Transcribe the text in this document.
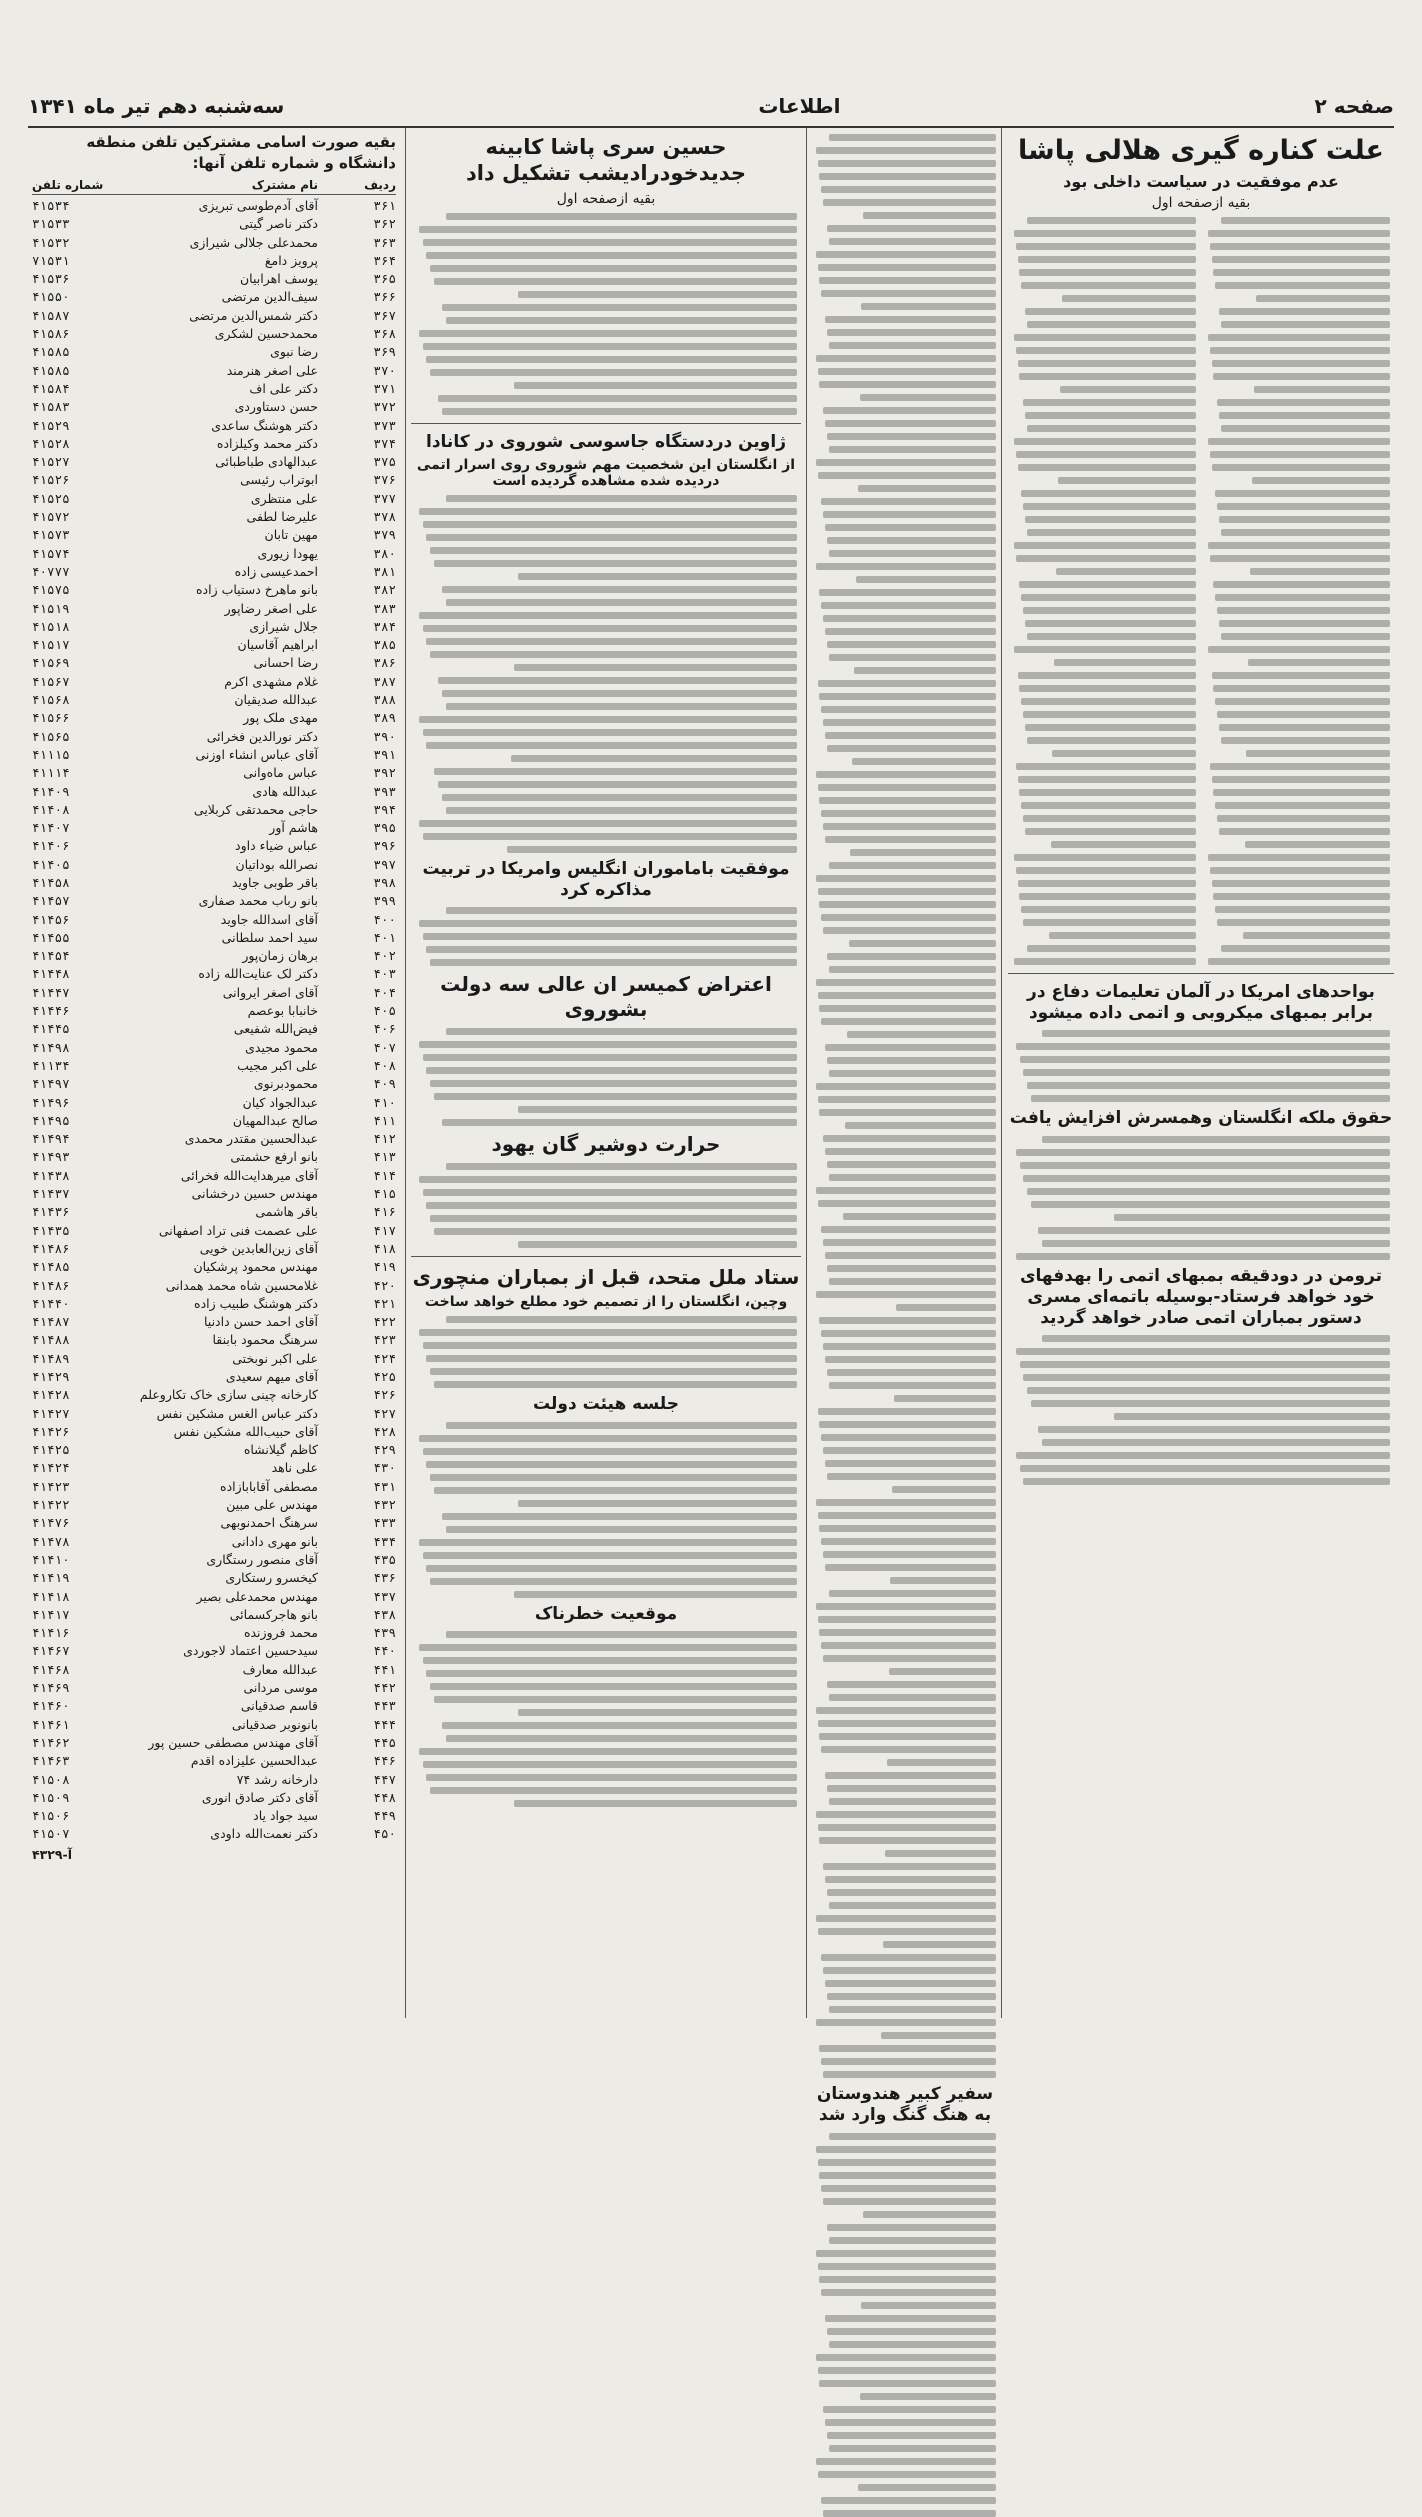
صفحه ۲
اطلاعات
سه‌شنبه دهم تیر ماه ۱۳۴۱
علت کناره گیری هلالی پاشا
عدم موفقیت در سیاست داخلی بود
بقیه ازصفحه اول
بواحدهای امریکا در آلمان تعلیمات دفاع در برابر بمبهای میکروبی و اتمی داده میشود
حقوق ملکه انگلستان وهمسرش افزایش یافت
ترومن در دودقیقه بمبهای اتمی را بهدفهای خود خواهد فرستاد-بوسیله باتمه‌ای مسری دستور بمباران اتمی صادر خواهد گردید
حسین سری پاشا کابینه جدیدخودرادیشب تشکیل داد
بقیه ازصفحه اول
ژاوین دردستگاه جاسوسی شوروی در کانادا
از انگلستان این شخصیت مهم شوروی روی اسرار اتمی دردیده شده مشاهده گردیده است
موفقیت باماموران انگلیس وامریکا در تربیت مذاکره کرد
اعتراض کمیسر ان عالی سه دولت بشوروی
حرارت دوشیر گان یهود
ستاد ملل متحد، قبل از بمباران منچوری
وچین، انگلستان را از تصمیم خود مطلع خواهد ساخت
جلسه هیئت دولت
موقعیت خطرناک
سفیر کبیر هندوستان به هنگ گنگ وارد شد
بقیه صورت اسامی مشترکین تلفن منطقه دانشگاه و شماره تلفن آنها:
ردیف
نام مشترک
شماره تلفن
۳۶۱
آقای آدم‌طوسی تبریزی
۴۱۵۳۴
۳۶۲
دکتر ناصر گیتی
۳۱۵۳۳
۳۶۳
محمدعلی جلالی شیرازی
۴۱۵۳۲
۳۶۴
پرویز دامغ
۷۱۵۳۱
۳۶۵
یوسف اهرابیان
۴۱۵۳۶
۳۶۶
سیف‌الدین مرتضی
۴۱۵۵۰
۳۶۷
دکتر شمس‌الدین مرتضی
۴۱۵۸۷
۳۶۸
محمدحسین لشکری
۴۱۵۸۶
۳۶۹
رضا نبوی
۴۱۵۸۵
۳۷۰
علی اصغر هنرمند
۴۱۵۸۵
۳۷۱
دکتر علی اف
۴۱۵۸۴
۳۷۲
حسن دستاوردی
۴۱۵۸۳
۳۷۳
دکتر هوشنگ ساعدی
۴۱۵۲۹
۳۷۴
دکتر محمد وکیلزاده
۴۱۵۲۸
۳۷۵
عبدالهادی طباطبائی
۴۱۵۲۷
۳۷۶
ابوتراب رئیسی
۴۱۵۲۶
۳۷۷
علی منتظری
۴۱۵۲۵
۳۷۸
علیرضا لطفی
۴۱۵۷۲
۳۷۹
مهین تابان
۴۱۵۷۳
۳۸۰
یهودا زیوری
۴۱۵۷۴
۳۸۱
احمدعیسی زاده
۴۰۷۷۷
۳۸۲
بانو ماهرخ دستیاب زاده
۴۱۵۷۵
۳۸۳
علی اصغر رضاپور
۴۱۵۱۹
۳۸۴
جلال شیرازی
۴۱۵۱۸
۳۸۵
ابراهیم آقاسیان
۴۱۵۱۷
۳۸۶
رضا احسانی
۴۱۵۶۹
۳۸۷
غلام مشهدی اکرم
۴۱۵۶۷
۳۸۸
عبدالله صدیقیان
۴۱۵۶۸
۳۸۹
مهدی ملک پور
۴۱۵۶۶
۳۹۰
دکتر نورالدین فخرائی
۴۱۵۶۵
۳۹۱
آقای عباس انشاء اوزنی
۴۱۱۱۵
۳۹۲
عباس ماه‌وانی
۴۱۱۱۴
۳۹۳
عبدالله هادی
۴۱۴۰۹
۳۹۴
حاجی محمدتقی کربلایی
۴۱۴۰۸
۳۹۵
هاشم آور
۴۱۴۰۷
۳۹۶
عباس ضیاء داود
۴۱۴۰۶
۳۹۷
نصرالله بوداتیان
۴۱۴۰۵
۳۹۸
باقر طوبی جاوید
۴۱۴۵۸
۳۹۹
بانو رباب محمد صفاری
۴۱۴۵۷
۴۰۰
آقای اسدالله جاوید
۴۱۴۵۶
۴۰۱
سید احمد سلطانی
۴۱۴۵۵
۴۰۲
برهان زمان‌پور
۴۱۴۵۴
۴۰۳
دکتر لک عنایت‌الله زاده
۴۱۴۴۸
۴۰۴
آقای اصغر ایروانی
۴۱۴۴۷
۴۰۵
خانبابا بوعصم
۴۱۴۴۶
۴۰۶
فیض‌الله شفیعی
۴۱۴۴۵
۴۰۷
محمود مجیدی
۴۱۴۹۸
۴۰۸
علی اکبر مجیب
۴۱۱۳۴
۴۰۹
محمودبرنوی
۴۱۴۹۷
۴۱۰
عبدالجواد کیان
۴۱۴۹۶
۴۱۱
صالح عبدالمهیان
۴۱۴۹۵
۴۱۲
عبدالحسین مقتدر محمدی
۴۱۴۹۴
۴۱۳
بانو ارفع حشمتی
۴۱۴۹۳
۴۱۴
آقای میرهدایت‌الله فخرائی
۴۱۴۳۸
۴۱۵
مهندس حسین درخشانی
۴۱۴۳۷
۴۱۶
باقر هاشمی
۴۱۴۳۶
۴۱۷
علی عصمت فنی تراد اصفهانی
۴۱۴۳۵
۴۱۸
آقای زین‌العابدین خویی
۴۱۴۸۶
۴۱۹
مهندس محمود پرشکیان
۴۱۴۸۵
۴۲۰
غلامحسین شاه محمد همدانی
۴۱۴۸۶
۴۲۱
دکتر هوشنگ طبیب زاده
۴۱۴۴۰
۴۲۲
آقای احمد حسن دادنیا
۴۱۴۸۷
۴۲۳
سرهنگ محمود بابنقا
۴۱۴۸۸
۴۲۴
علی اکبر نوبختی
۴۱۴۸۹
۴۲۵
آقای میهم سعیدی
۴۱۴۲۹
۴۲۶
کارخانه چینی سازی خاک تکاروعلم
۴۱۴۲۸
۴۲۷
دکتر عباس الغس مشکین نفس
۴۱۴۲۷
۴۲۸
آقای حبیب‌الله مشکین نفس
۴۱۴۲۶
۴۲۹
کاظم گیلانشاه
۴۱۴۲۵
۴۳۰
علی ناهد
۴۱۴۲۴
۴۳۱
مصطفی آقابابازاده
۴۱۴۲۳
۴۳۲
مهندس علی مبین
۴۱۴۲۲
۴۳۳
سرهنگ احمدنوبهی
۴۱۴۷۶
۴۳۴
بانو مهری دادانی
۴۱۴۷۸
۴۳۵
آقای منصور رستگاری
۴۱۴۱۰
۴۳۶
کیخسرو رستکاری
۴۱۴۱۹
۴۳۷
مهندس محمدعلی بصیر
۴۱۴۱۸
۴۳۸
بانو هاجرکسمائی
۴۱۴۱۷
۴۳۹
محمد فروزنده
۴۱۴۱۶
۴۴۰
سیدحسین اعتماد لاجوردی
۴۱۴۶۷
۴۴۱
عبدالله معارف
۴۱۴۶۸
۴۴۲
موسی مردانی
۴۱۴۶۹
۴۴۳
قاسم صدقیانی
۴۱۴۶۰
۴۴۴
بانونوبر صدقیانی
۴۱۴۶۱
۴۴۵
آقای مهندس مصطفی حسین پور
۴۱۴۶۲
۴۴۶
عبدالحسین علیزاده اقدم
۴۱۴۶۳
۴۴۷
دارخانه رشد ۷۴
۴۱۵۰۸
۴۴۸
آقای دکتر صادق انوری
۴۱۵۰۹
۴۴۹
سید جواد یاد
۴۱۵۰۶
۴۵۰
دکتر نعمت‌الله داودی
۴۱۵۰۷
آ-۴۳۲۹
